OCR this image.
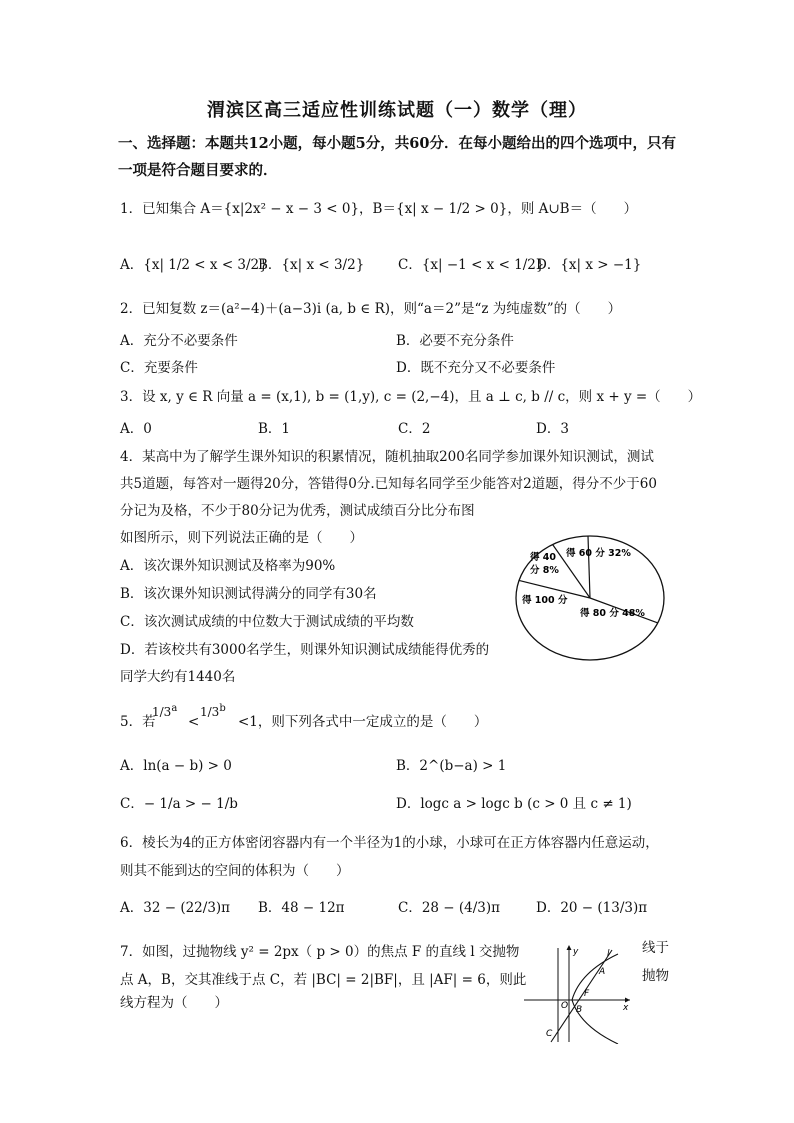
渭滨区高三适应性训练试题（一）数学（理）
一、选择题：本题共12小题，每小题5分，共60分．在每小题给出的四个选项中，只有
一项是符合题目要求的．
1．已知集合 A＝{x|2x² − x − 3 < 0}，B＝{x| x − 1/2 > 0}，则 A∪B＝（　　）
A．{x| 1/2 < x < 3/2}
B．{x| x < 3/2} C．{x| −1 < x < 1/2}
D．{x| x > −1}
2．已知复数 z＝(a²−4)＋(a−3)i (a, b ∈ R)，则“a＝2”是“z 为纯虚数”的（　　）
A．充分不必要条件	B．必要不充分条件
C．充要条件	D．既不充分又不必要条件
3．设 x, y ∈ R 向量 a = (x,1), b = (1,y), c = (2,−4)，且 a ⊥ c, b // c，则 x + y =（　　）
A．0	B．1	C．2	D．3
4．某高中为了解学生课外知识的积累情况，随机抽取200名同学参加课外知识测试，测试
共5道题，每答对一题得20分，答错得0分.已知每名同学至少能答对2道题，得分不少于60
分记为及格，不少于80分记为优秀，测试成绩百分比分布图
如图所示，则下列说法正确的是（　　）
A．该次课外知识测试及格率为90%
B．该次课外知识测试得满分的同学有30名
C．该次测试成绩的中位数大于测试成绩的平均数
D．若该校共有3000名学生，则课外知识测试成绩能得优秀的
同学大约有1440名
得 40
分 8%
得 60 分 32%
得 100 分
得 80 分 48%
5．若
$1/3^a$
<
$1/3^b$
<1，则下列各式中一定成立的是（　　）
A．ln(a − b) > 0	B．2^(b−a) > 1
C．− 1/a > − 1/b	D．logc a > logc b (c > 0 且 c ≠ 1)
6．棱长为4的正方体密闭容器内有一个半径为1的小球，小球可在正方体容器内任意运动，
则其不能到达的空间的体积为（　　）
A．32 − (22/3)π B．48 − 12π	C．28 − (4/3)π	D．20 − (13/3)π
7．如图，过抛物线 y² = 2px（ p > 0）的焦点 F 的直线 l 交抛物
点 A，B，交其准线于点 C，若 |BC| = 2|BF|，且 |AF| = 6，则此
线方程为（　　）
线于
抛物
y
x
l
A
F
O B
C
